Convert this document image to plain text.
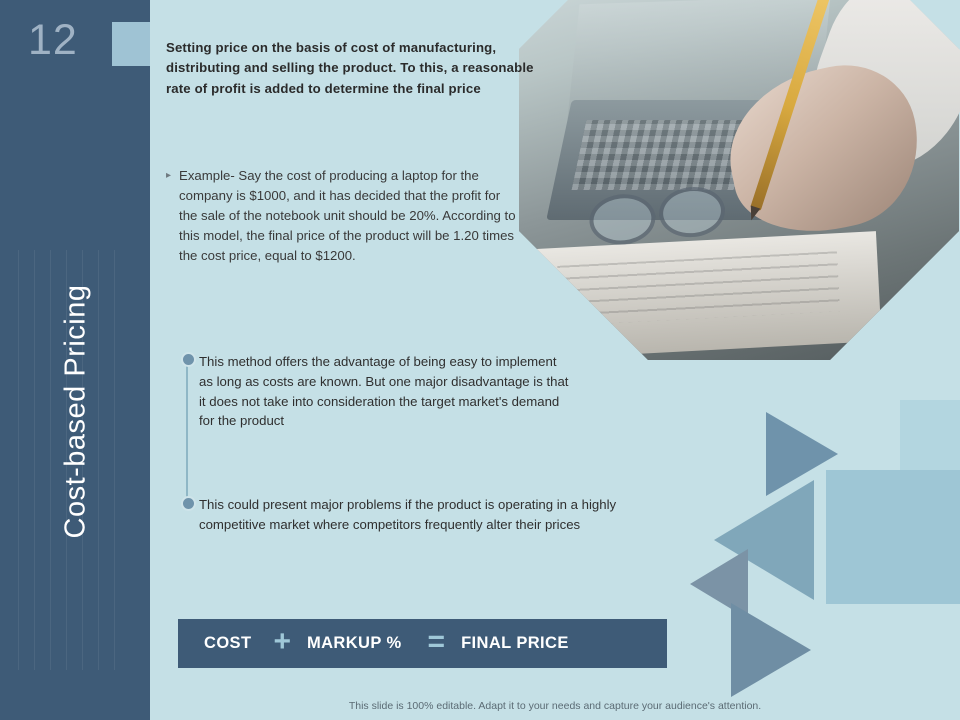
12
Cost-based Pricing
Setting price on the basis of cost of manufacturing, distributing and selling the product. To this, a reasonable rate of profit is added to determine the final price
▸ Example- Say the cost of producing a laptop for the company is $1000, and it has decided that the profit for the sale of the notebook unit should be 20%. According to this model, the final price of the product will be 1.20 times the cost price, equal to $1200.
This method offers the advantage of being easy to implement as long as costs are known. But one major disadvantage is that it does not take into consideration the target market's demand for the product
This could present major problems if the product is operating in a highly competitive market where competitors frequently alter their prices
COST + MARKUP % = FINAL PRICE
This slide is 100% editable. Adapt it to your needs and capture your audience's attention.
